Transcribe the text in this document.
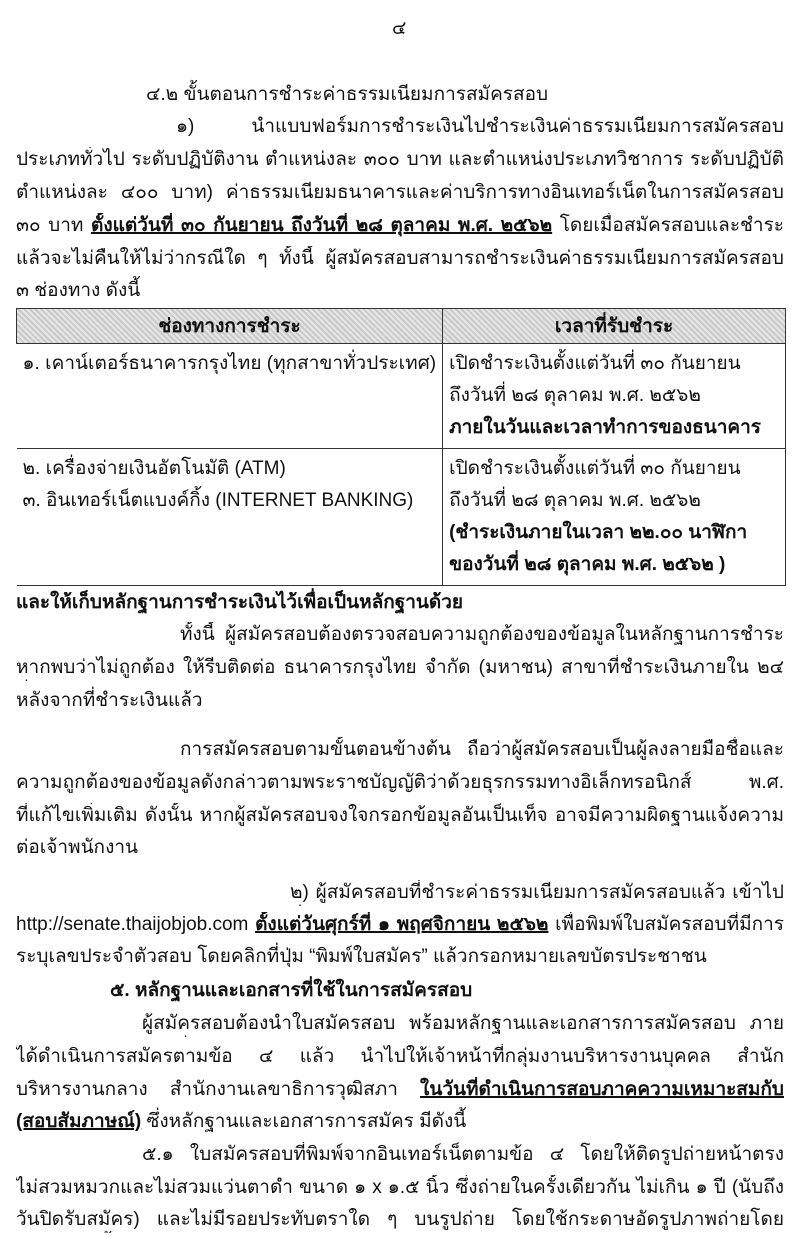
๔
๔.๒ ขั้นตอนการชำระค่าธรรมเนียมการสมัครสอบ
๑) นำแบบฟอร์มการชำระเงินไปชำระเงินค่าธรรมเนียมการสมัครสอบ
ประเภททั่วไป ระดับปฏิบัติงาน ตำแหน่งละ ๓๐๐ บาท และตำแหน่งประเภทวิชาการ ระดับปฏิบัติ
ตำแหน่งละ ๔๐๐ บาท) ค่าธรรมเนียมธนาคารและค่าบริการทางอินเทอร์เน็ตในการสมัครสอบ
๓๐ บาท ตั้งแต่วันที่ ๓๐ กันยายน ถึงวันที่ ๒๘ ตุลาคม พ.ศ. ๒๕๖๒ โดยเมื่อสมัครสอบและชำระ
แล้วจะไม่คืนให้ไม่ว่ากรณีใด ๆ ทั้งนี้ ผู้สมัครสอบสามารถชำระเงินค่าธรรมเนียมการสมัครสอบ
๓ ช่องทาง ดังนี้
ช่องทางการชำระ	เวลาที่รับชำระ

๑. เคาน์เตอร์ธนาคารกรุงไทย (ทุกสาขาทั่วประเทศ)	เปิดชำระเงินตั้งแต่วันที่ ๓๐ กันยายน
ถึงวันที่ ๒๘ ตุลาคม พ.ศ. ๒๕๖๒
ภายในวันและเวลาทำการของธนาคาร

๒. เครื่องจ่ายเงินอัตโนมัติ (ATM)
๓. อินเทอร์เน็ตแบงค์กิ้ง (INTERNET BANKING)	เปิดชำระเงินตั้งแต่วันที่ ๓๐ กันยายน
ถึงวันที่ ๒๘ ตุลาคม พ.ศ. ๒๕๖๒
(ชำระเงินภายในเวลา ๒๒.๐๐ นาฬิกา
ของวันที่ ๒๘ ตุลาคม พ.ศ. ๒๕๖๒ )
และให้เก็บหลักฐานการชำระเงินไว้เพื่อเป็นหลักฐานด้วย
ทั้งนี้ ผู้สมัครสอบต้องตรวจสอบความถูกต้องของข้อมูลในหลักฐานการชำระ
หากพบว่าไม่ถูกต้อง ให้รีบติดต่อ ธนาคารกรุงไทย จำกัด (มหาชน) สาขาที่ชำระเงินภายใน ๒๔
หลังจากที่ชำระเงินแล้ว
การสมัครสอบตามขั้นตอนข้างต้น ถือว่าผู้สมัครสอบเป็นผู้ลงลายมือชื่อและ
ความถูกต้องของข้อมูลดังกล่าวตามพระราชบัญญัติว่าด้วยธุรกรรมทางอิเล็กทรอนิกส์ พ.ศ.
ที่แก้ไขเพิ่มเติม ดังนั้น หากผู้สมัครสอบจงใจกรอกข้อมูลอันเป็นเท็จ อาจมีความผิดฐานแจ้งความ
ต่อเจ้าพนักงาน
๒) ผู้สมัครสอบที่ชำระค่าธรรมเนียมการสมัครสอบแล้ว เข้าไป
http://senate.thaijobjob.com ตั้งแต่วันศุกร์ที่ ๑ พฤศจิกายน ๒๕๖๒ เพื่อพิมพ์ใบสมัครสอบที่มีการ
ระบุเลขประจำตัวสอบ โดยคลิกที่ปุ่ม “พิมพ์ใบสมัคร” แล้วกรอกหมายเลขบัตรประชาชน
๕. หลักฐานและเอกสารที่ใช้ในการสมัครสอบ
ผู้สมัครสอบต้องนำใบสมัครสอบ พร้อมหลักฐานและเอกสารการสมัครสอบ ภาย
ได้ดำเนินการสมัครตามข้อ ๔ แล้ว นำไปให้เจ้าหน้าที่กลุ่มงานบริหารงานบุคคล สำนัก
บริหารงานกลาง สำนักงานเลขาธิการวุฒิสภา ในวันที่ดำเนินการสอบภาคความเหมาะสมกับ
(สอบสัมภาษณ์) ซึ่งหลักฐานและเอกสารการสมัคร มีดังนี้
๕.๑ ใบสมัครสอบที่พิมพ์จากอินเทอร์เน็ตตามข้อ ๔ โดยให้ติดรูปถ่ายหน้าตรง
ไม่สวมหมวกและไม่สวมแว่นตาดำ ขนาด ๑ x ๑.๕ นิ้ว ซึ่งถ่ายในครั้งเดียวกัน ไม่เกิน ๑ ปี (นับถึง
วันปิดรับสมัคร) และไม่มีรอยประทับตราใด ๆ บนรูปถ่าย โดยใช้กระดาษอัดรูปภาพถ่ายโดย
